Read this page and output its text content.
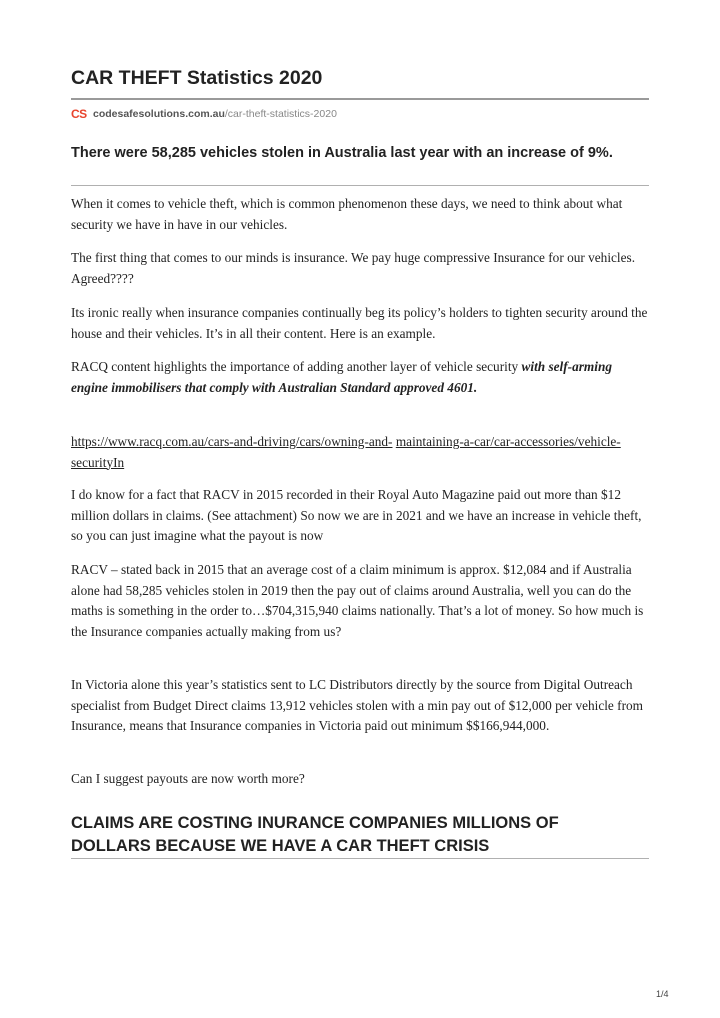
CAR THEFT Statistics 2020
CS codesafesolutions.com.au /car-theft-statistics-2020
There were 58,285 vehicles stolen in Australia last year with an increase of 9%.

When it comes to vehicle theft, which is common phenomenon these days, we need to think about what security we have in have in our vehicles.

The first thing that comes to our minds is insurance. We pay huge compressive Insurance for our vehicles. Agreed????

Its ironic really when insurance companies continually beg its policy’s holders to tighten security around the house and their vehicles. It’s in all their content. Here is an example.

RACQ content highlights the importance of adding another layer of vehicle security with self-arming engine immobilisers that comply with Australian Standard approved 4601.

https://www.racq.com.au/cars-and-driving/cars/owning-and- maintaining-a-car/car-accessories/vehicle-securityIn

I do know for a fact that RACV in 2015 recorded in their Royal Auto Magazine paid out more than $12 million dollars in claims. (See attachment) So now we are in 2021 and we have an increase in vehicle theft, so you can just imagine what the payout is now

RACV – stated back in 2015 that an average cost of a claim minimum is approx. $12,084 and if Australia alone had 58,285 vehicles stolen in 2019 then the pay out of claims around Australia, well you can do the maths is something in the order to…$704,315,940 claims nationally. That’s a lot of money. So how much is the Insurance companies actually making from us?

In Victoria alone this year’s statistics sent to LC Distributors directly by the source from Digital Outreach specialist from Budget Direct claims 13,912 vehicles stolen with a min pay out of $12,000 per vehicle from Insurance, means that Insurance companies in Victoria paid out minimum $$166,944,000.

Can I suggest payouts are now worth more?

CLAIMS ARE COSTING INURANCE COMPANIES MILLIONS OF DOLLARS BECAUSE WE HAVE A CAR THEFT CRISIS
1/4
